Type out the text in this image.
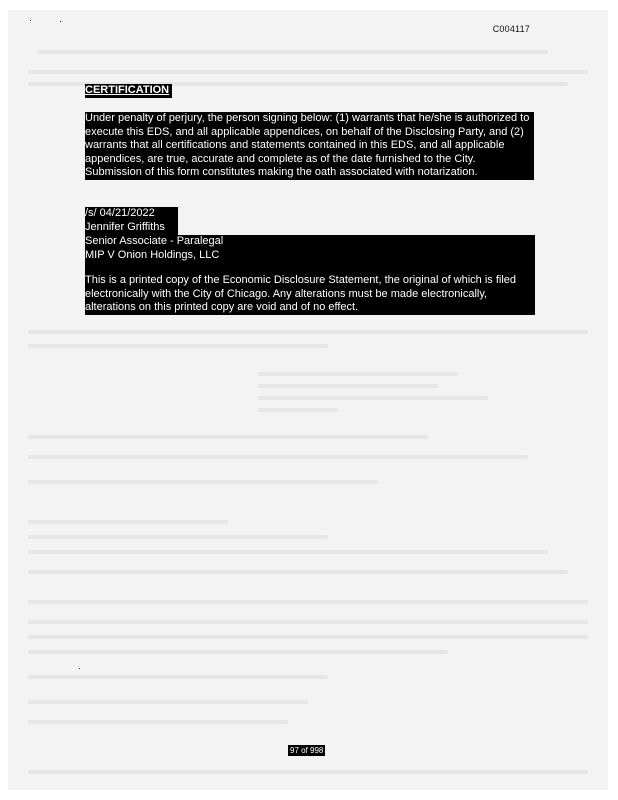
C004117
CERTIFICATION
Under penalty of perjury, the person signing below: (1) warrants that he/she is authorized to execute this EDS, and all applicable appendices, on behalf of the Disclosing Party, and (2) warrants that all certifications and statements contained in this EDS, and all applicable appendices, are true, accurate and complete as of the date furnished to the City. Submission of this form constitutes making the oath associated with notarization.
/s/ 04/21/2022
Jennifer Griffiths
Senior Associate - Paralegal
MIP V Onion Holdings, LLC
This is a printed copy of the Economic Disclosure Statement, the original of which is filed electronically with the City of Chicago. Any alterations must be made electronically, alterations on this printed copy are void and of no effect.
97 of 998
